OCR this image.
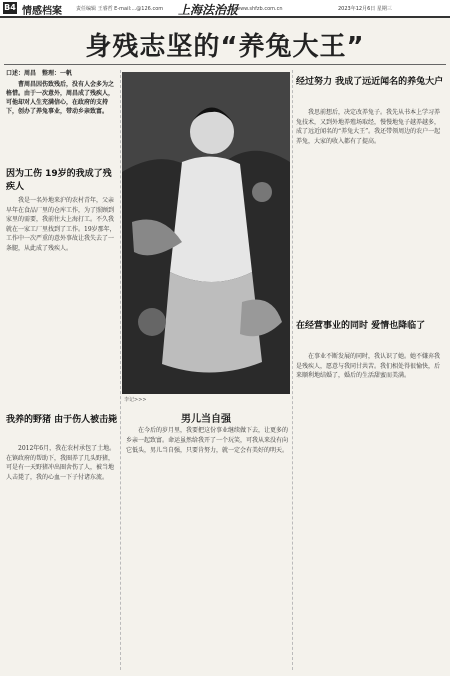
B4 情感档案	责任编辑 王睿哲 E-mail:...@126.com 上海法治报
www.shfzb.com.cn	2023年12月6日 星期三
身残志坚的“养兔大王”
口述：周昌　整理：一帆
曹周昌因伤致残后，没有人会多为之格惜。由于一次意外，周昌成了残疾人，可他却对人生充满信心，在政府的支持下，创办了养兔事业，带动乡亲致富。
因为工伤 19岁的我成了残疾人

我是一名外地来沪的农村青年，父亲早年在食品厂里的仓库工作，为了照顾到家里的需要，我前往大上海打工。不久我就在一家工厂里找到了工作。19岁那年，工作中一次严重的意外事故让我失去了一条腿，从此成了残疾人。

我养的野猪 由于伤人被击毙

2012年6月，我在农村承包了土地。在镇政府的帮助下，我圈养了几头野猪，可是有一天野猪冲出圈舍伤了人，被当地人击毙了，我的心血一下子付诸东流。

李记>>>
男儿当自强

在今后的岁月里，我要把这份事业继续做下去，让更多的乡亲一起致富。命运虽然给我开了一个玩笑，可我从来没有向它低头，男儿当自强，只要肯努力，就一定会有美好的明天。

经过努力 我成了远近闻名的养兔大户

我思前想后，决定改养兔子。我先从书本上学习养兔技术，又到外地养殖场取经，慢慢地兔子越养越多，成了远近闻名的“养兔大王”。我还带领周边的农户一起养兔，大家的收入都有了提高。

在经营事业的同时 爱情也降临了

在事业不断发展的同时，我认识了她。她不嫌弃我是残疾人，愿意与我同甘共苦。我们相处得很愉快，后来顺利地结婚了，婚后的生活甜蜜而美满。
